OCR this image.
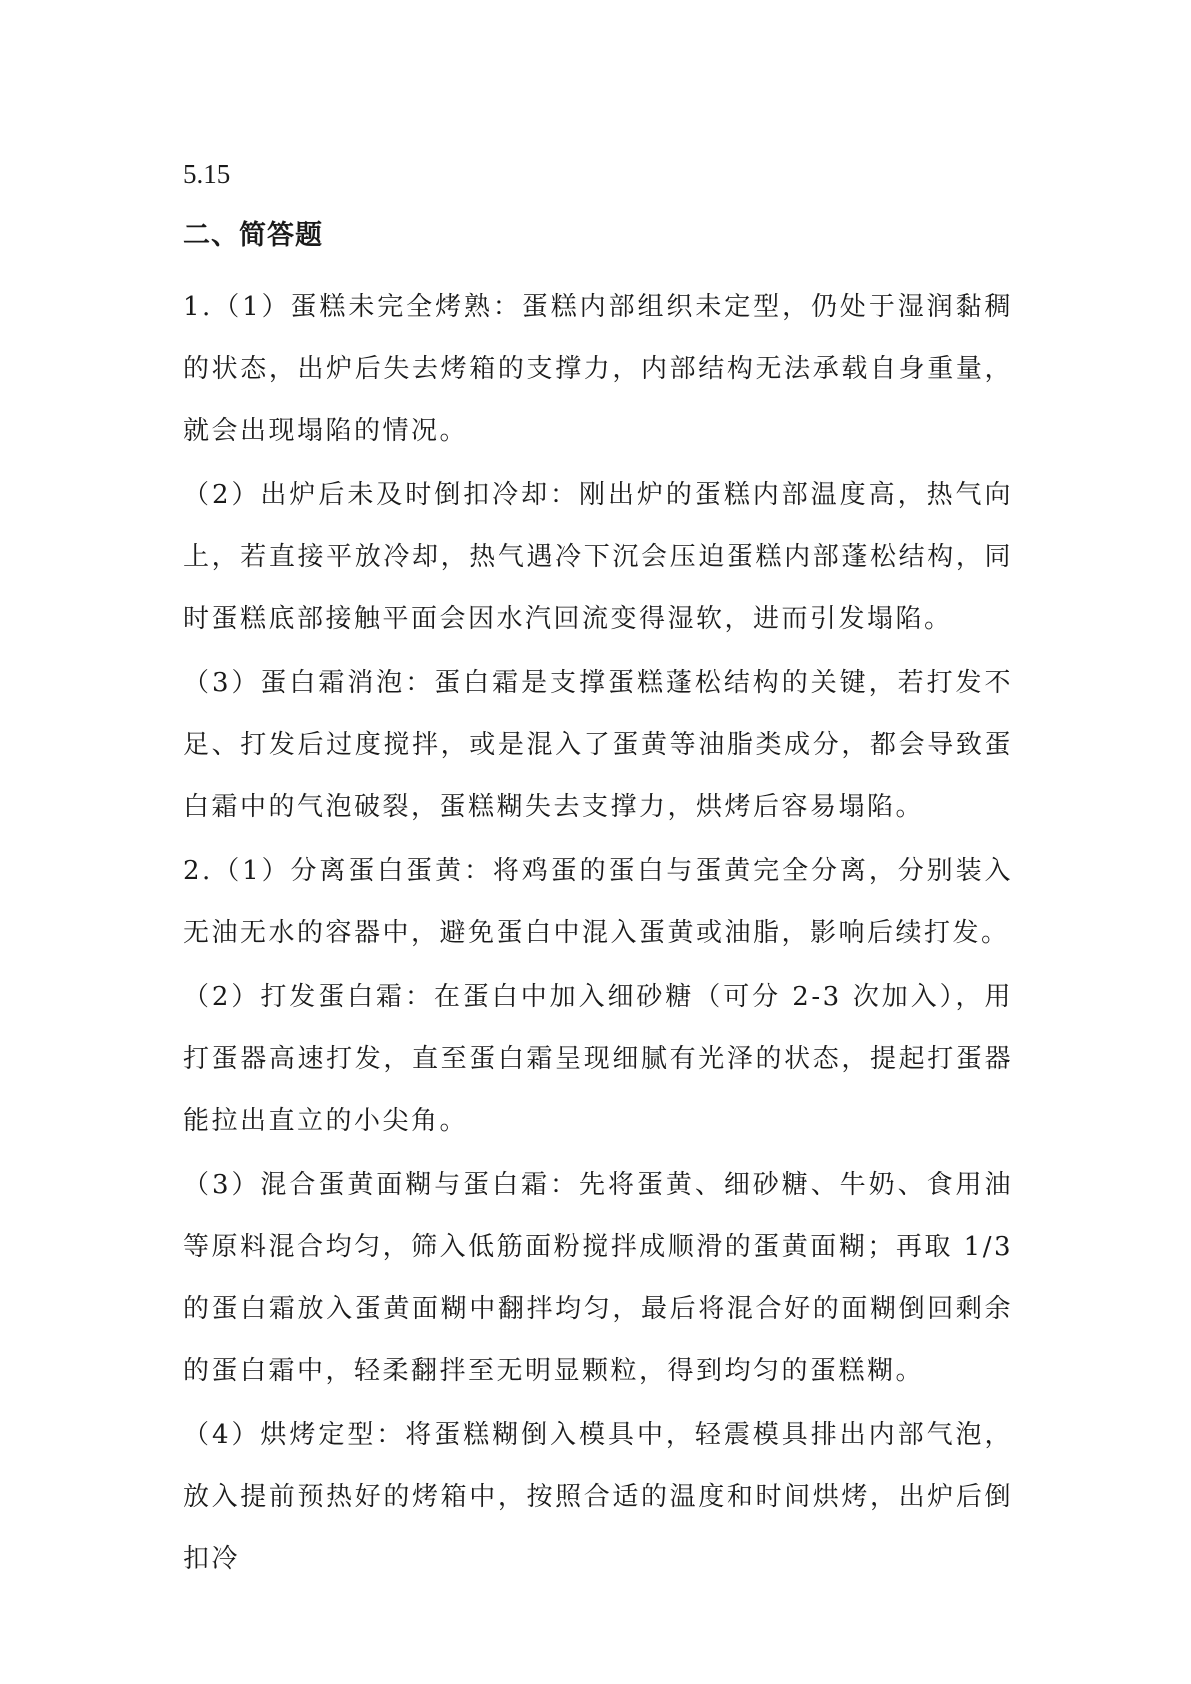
5.15
二、简答题

1.（1）蛋糕未完全烤熟：蛋糕内部组织未定型，仍处于湿润黏稠的状态，出炉后失去烤箱的支撑力，内部结构无法承载自身重量，就会出现塌陷的情况。

（2）出炉后未及时倒扣冷却：刚出炉的蛋糕内部温度高，热气向上，若直接平放冷却，热气遇冷下沉会压迫蛋糕内部蓬松结构，同时蛋糕底部接触平面会因水汽回流变得湿软，进而引发塌陷。

（3）蛋白霜消泡：蛋白霜是支撑蛋糕蓬松结构的关键，若打发不足、打发后过度搅拌，或是混入了蛋黄等油脂类成分，都会导致蛋白霜中的气泡破裂，蛋糕糊失去支撑力，烘烤后容易塌陷。

2.（1）分离蛋白蛋黄：将鸡蛋的蛋白与蛋黄完全分离，分别装入无油无水的容器中，避免蛋白中混入蛋黄或油脂，影响后续打发。

（2）打发蛋白霜：在蛋白中加入细砂糖（可分 2-3 次加入），用打蛋器高速打发，直至蛋白霜呈现细腻有光泽的状态，提起打蛋器能拉出直立的小尖角。

（3）混合蛋黄面糊与蛋白霜：先将蛋黄、细砂糖、牛奶、食用油等原料混合均匀，筛入低筋面粉搅拌成顺滑的蛋黄面糊；再取 1/3 的蛋白霜放入蛋黄面糊中翻拌均匀，最后将混合好的面糊倒回剩余的蛋白霜中，轻柔翻拌至无明显颗粒，得到均匀的蛋糕糊。

（4）烘烤定型：将蛋糕糊倒入模具中，轻震模具排出内部气泡，放入提前预热好的烤箱中，按照合适的温度和时间烘烤，出炉后倒扣冷
